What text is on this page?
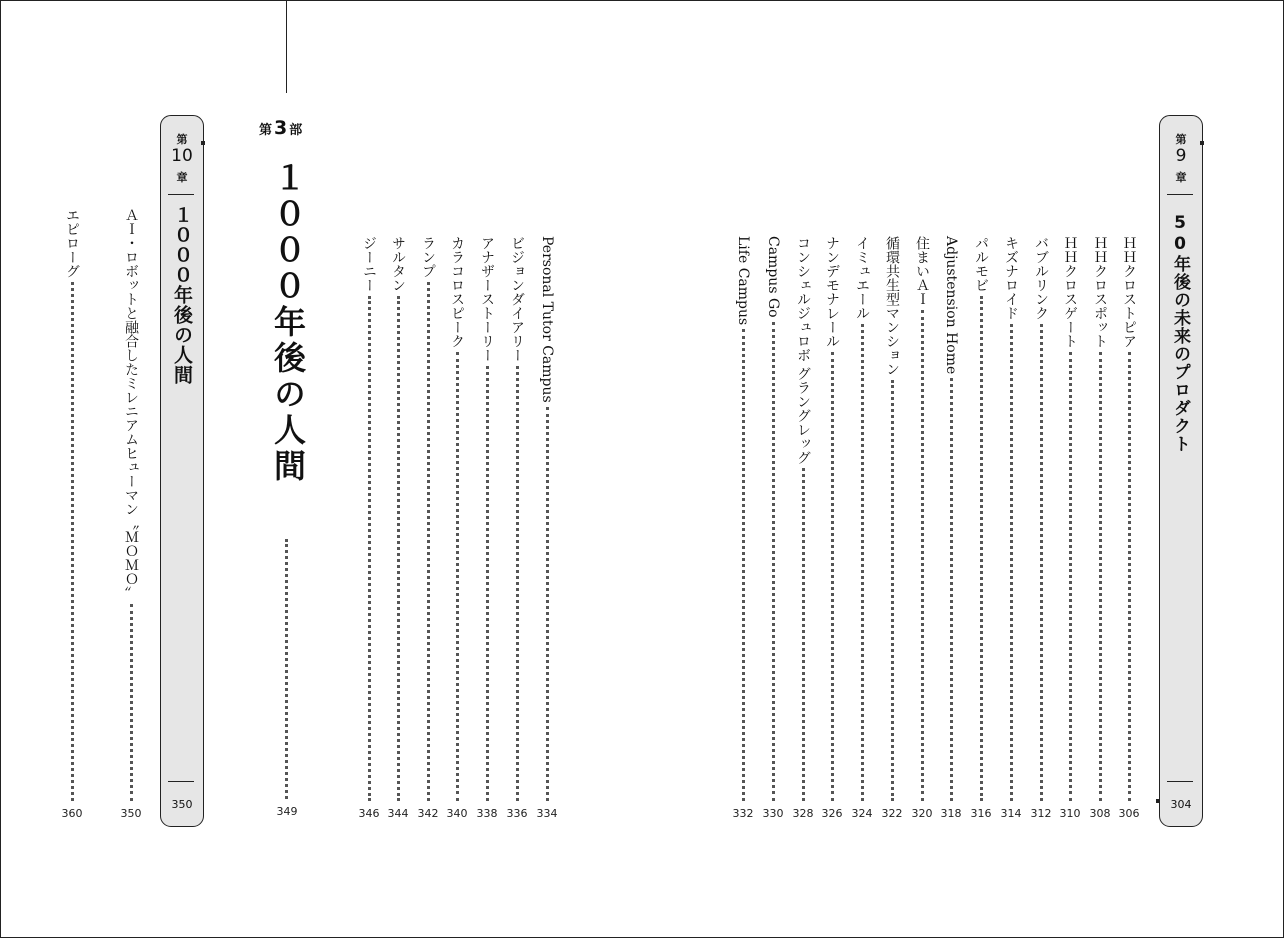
エピローグ
360
ＡＩ・ロボットと融合したミレニアムヒューマン〝ＭＯＭＯ〟
350
第
10
章
１０００年後の人間
350
第 3 部
１０００年後の人間
349
ジーニー
346
サルタン
344
ランプ
342
カラコロスピーク
340
アナザーストーリー
338
ビジョンダイアリー
336
Personal Tutor Campus
334
Life Campus
332
Campus Go
330
コンシェルジュロボ グラングレッグ
328
ナンデモナレール
326
イミュエール
324
循環共生型マンション
322
住まいＡＩ
320
Adjustension Home
318
パルモビ
316
キズナロイド
314
バブルリンク
312
ＨＨクロスゲート
310
ＨＨクロスポット
308
ＨＨクロストピア
306
第
9
章
50年後の未来のプロダクト
304
